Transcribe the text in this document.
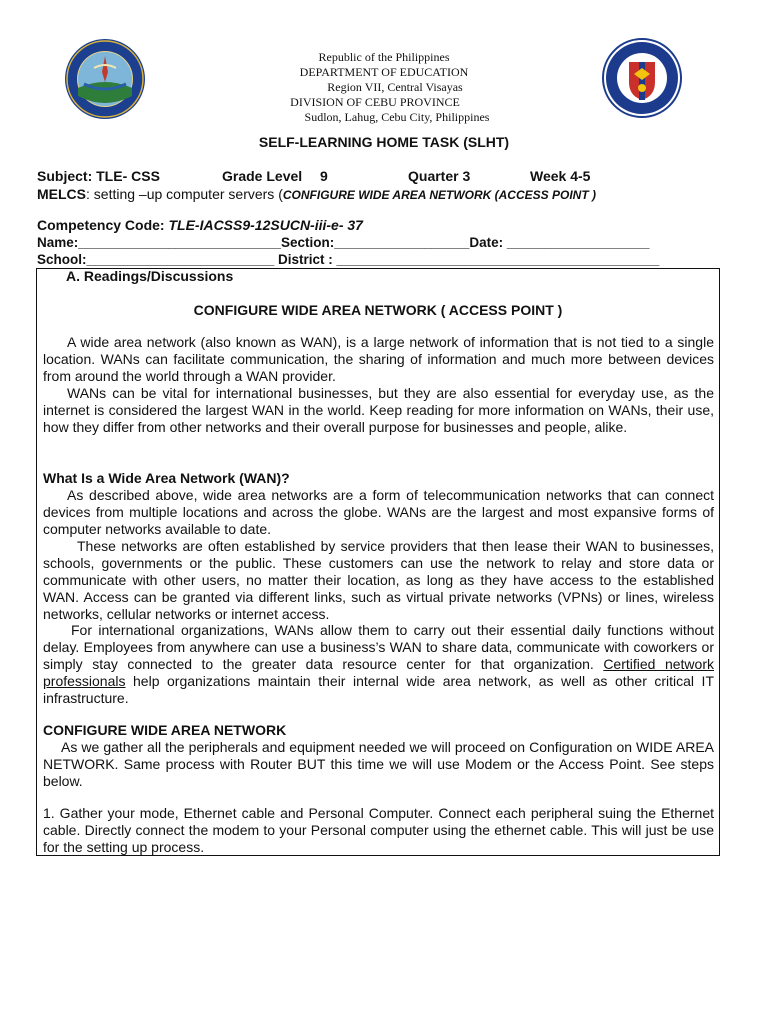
Republic of the Philippines
DEPARTMENT OF EDUCATION
Region VII, Central Visayas
DIVISION OF CEBU PROVINCE
Sudlon, Lahug, Cebu City, Philippines
SELF-LEARNING HOME TASK (SLHT)
Subject: TLE- CSS	Grade Level 9	Quarter 3	Week 4-5
MELCS: setting –up computer servers (CONFIGURE WIDE AREA NETWORK (ACCESS POINT )
Competency Code: TLE-IACSS9-12SUCN-iii-e- 37
Name:___________________________Section:__________________Date: ___________________
School:_________________________ District : ___________________________________________
A. Readings/Discussions
CONFIGURE WIDE AREA NETWORK ( ACCESS POINT )
A wide area network (also known as WAN), is a large network of information that is not tied to a single location. WANs can facilitate communication, the sharing of information and much more between devices from around the world through a WAN provider.
WANs can be vital for international businesses, but they are also essential for everyday use, as the internet is considered the largest WAN in the world. Keep reading for more information on WANs, their use, how they differ from other networks and their overall purpose for businesses and people, alike.
What Is a Wide Area Network (WAN)?
As described above, wide area networks are a form of telecommunication networks that can connect devices from multiple locations and across the globe. WANs are the largest and most expansive forms of computer networks available to date.
These networks are often established by service providers that then lease their WAN to businesses, schools, governments or the public. These customers can use the network to relay and store data or communicate with other users, no matter their location, as long as they have access to the established WAN. Access can be granted via different links, such as virtual private networks (VPNs) or lines, wireless networks, cellular networks or internet access.
For international organizations, WANs allow them to carry out their essential daily functions without delay. Employees from anywhere can use a business’s WAN to share data, communicate with coworkers or simply stay connected to the greater data resource center for that organization. Certified network professionals help organizations maintain their internal wide area network, as well as other critical IT infrastructure.
CONFIGURE WIDE AREA NETWORK
As we gather all the peripherals and equipment needed we will proceed on Configuration on WIDE AREA NETWORK. Same process with Router BUT this time we will use Modem or the Access Point. See steps below.
1. Gather your mode, Ethernet cable and Personal Computer. Connect each peripheral suing the Ethernet cable. Directly connect the modem to your Personal computer using the ethernet cable. This will just be use for the setting up process.
